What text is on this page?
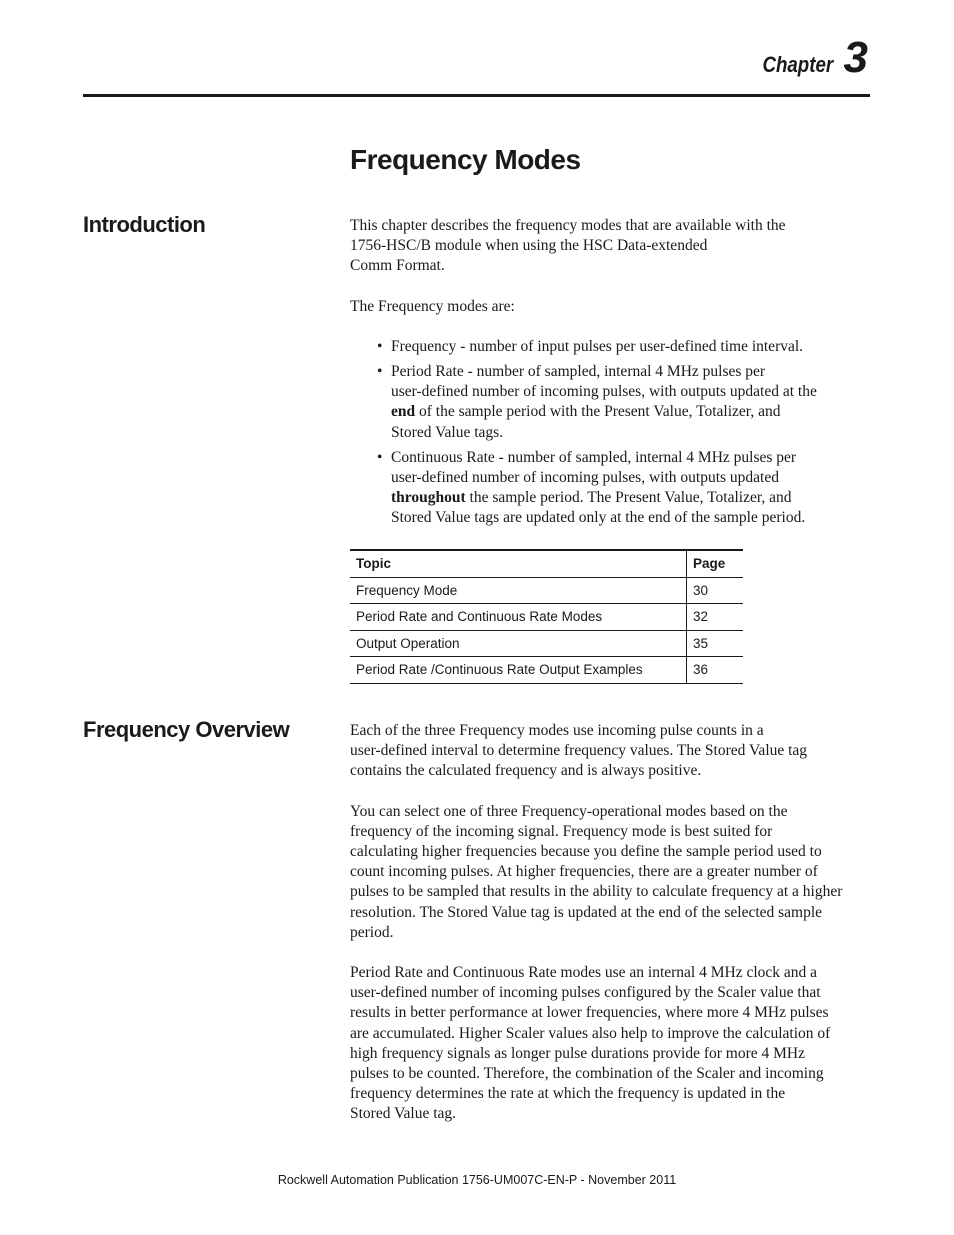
Chapter 3
Frequency Modes
Introduction	This chapter describes the frequency modes that are available with the
1756-HSC/B module when using the HSC Data-extended
Comm Format.

The Frequency modes are:

• Frequency - number of input pulses per user-defined time interval.
• Period Rate - number of sampled, internal 4 MHz pulses per
user-defined number of incoming pulses, with outputs updated at the
end of the sample period with the Present Value, Totalizer, and
Stored Value tags.
• Continuous Rate - number of sampled, internal 4 MHz pulses per
user-defined number of incoming pulses, with outputs updated
throughout the sample period. The Present Value, Totalizer, and
Stored Value tags are updated only at the end of the sample period.
Topic	Page
Frequency Mode	30
Period Rate and Continuous Rate Modes	32
Output Operation	35
Period Rate /Continuous Rate Output Examples	36
Frequency Overview	Each of the three Frequency modes use incoming pulse counts in a
user-defined interval to determine frequency values. The Stored Value tag
contains the calculated frequency and is always positive.

You can select one of three Frequency-operational modes based on the
frequency of the incoming signal. Frequency mode is best suited for
calculating higher frequencies because you define the sample period used to
count incoming pulses. At higher frequencies, there are a greater number of
pulses to be sampled that results in the ability to calculate frequency at a higher
resolution. The Stored Value tag is updated at the end of the selected sample
period.

Period Rate and Continuous Rate modes use an internal 4 MHz clock and a
user-defined number of incoming pulses configured by the Scaler value that
results in better performance at lower frequencies, where more 4 MHz pulses
are accumulated. Higher Scaler values also help to improve the calculation of
high frequency signals as longer pulse durations provide for more 4 MHz
pulses to be counted. Therefore, the combination of the Scaler and incoming
frequency determines the rate at which the frequency is updated in the
Stored Value tag.

Rockwell Automation Publication 1756-UM007C-EN-P - November 2011
